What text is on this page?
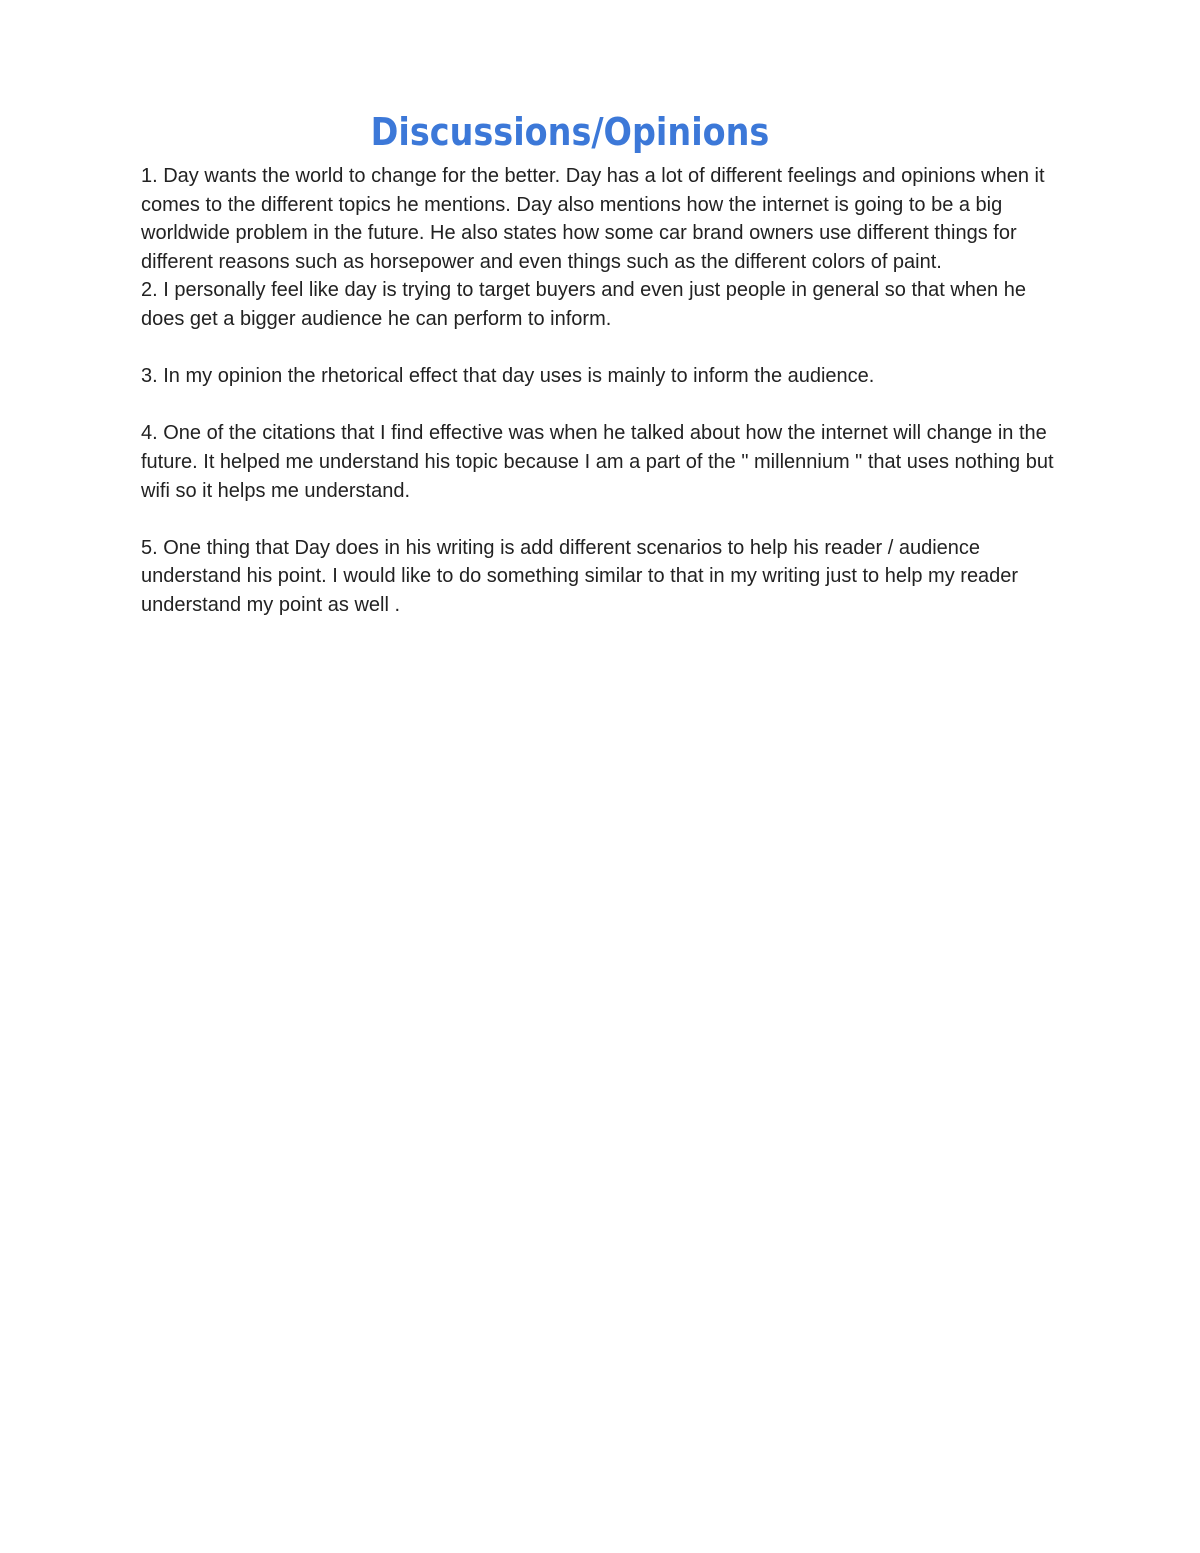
Discussions/Opinions

1. Day wants the world to change for the better. Day has a lot of different feelings and opinions when it comes to the different topics he mentions. Day also mentions how the internet is going to be a big worldwide problem in the future. He also states how some car brand owners use different things for different reasons such as horsepower and even things such as the different colors of paint.

2. I personally feel like day is trying to target buyers and even just people in general so that when he does get a bigger audience he can perform to inform.

3. In my opinion the rhetorical effect that day uses is mainly to inform the audience.

4. One of the citations that I find effective was when he talked about how the internet will change in the future. It helped me understand his topic because I am a part of the " millennium " that uses nothing but wifi so it helps me understand.

5. One thing that Day does in his writing is add different scenarios to help his reader / audience understand his point. I would like to do something similar to that in my writing just to help my reader understand my point as well .
